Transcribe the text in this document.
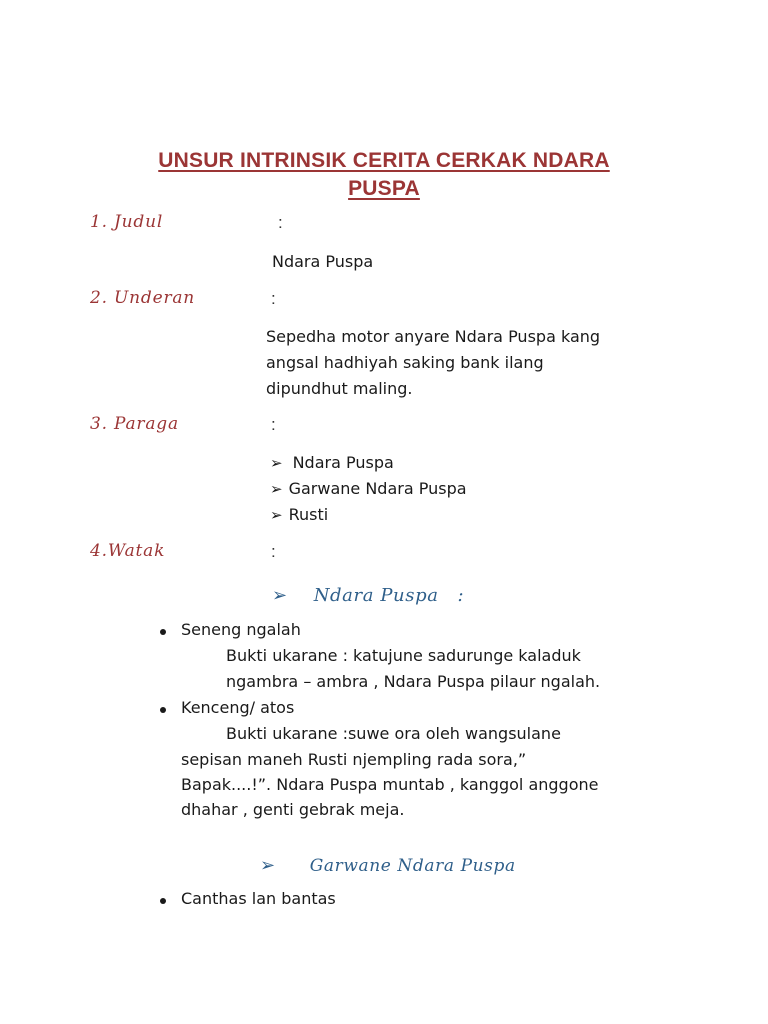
UNSUR INTRINSIK CERITA CERKAK NDARA
PUSPA
1. Judul	:
Ndara Puspa
2. Underan	:
Sepedha motor anyare Ndara Puspa kang
angsal hadhiyah saking bank ilang
dipundhut maling.
3. Paraga	:
➢ Ndara Puspa
➢ Garwane Ndara Puspa
➢ Rusti
4.Watak	:
➢ Ndara Puspa   :
Seneng ngalah
Bukti ukarane : katujune sadurunge kaladuk
ngambra – ambra , Ndara Puspa pilaur ngalah.
Kenceng/ atos
Bukti ukarane :suwe ora oleh wangsulane
sepisan maneh Rusti njempling rada sora,”
Bapak....!”. Ndara Puspa muntab , kanggol anggone
dhahar , genti gebrak meja.
➢ Garwane Ndara Puspa
Canthas lan bantas
